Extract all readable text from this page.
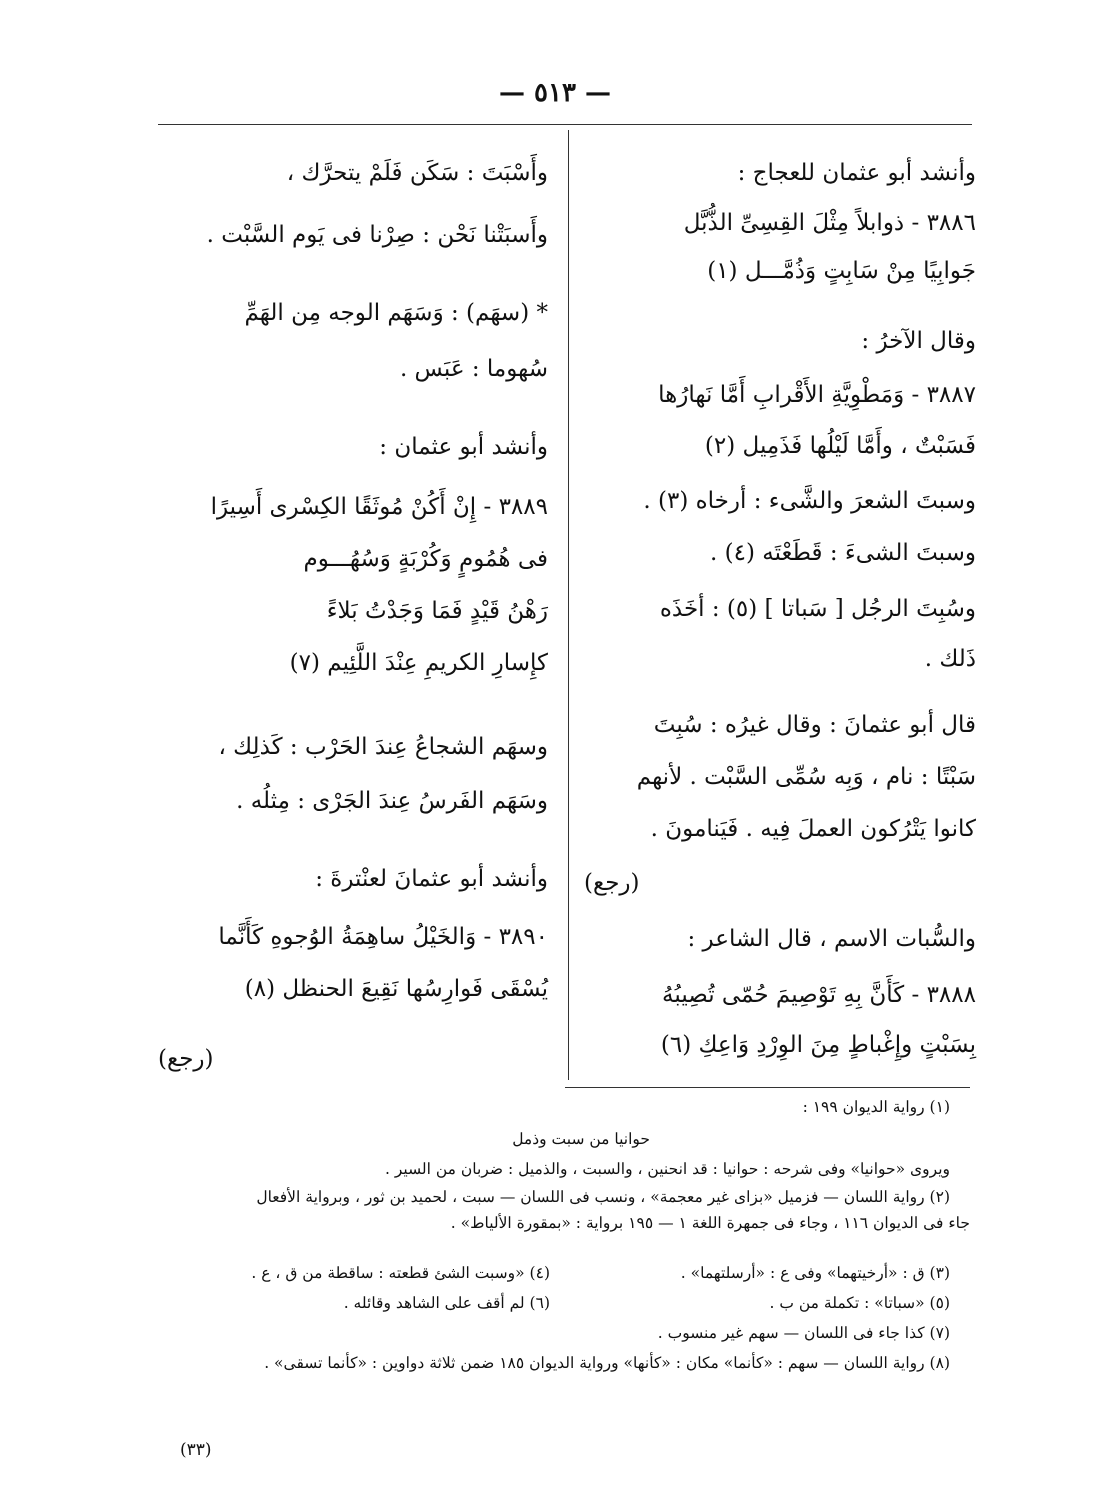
— ٥١٣ —
وأنشد أبو عثمان للعجاج :
٣٨٨٦ - ذوابلاً مِثْلَ القِسِىِّ الذُّبَّل
جَوابِيًا مِنْ سَابِتٍ وَذُمَّـــل (١)
وقال الآخرُ :
٣٨٨٧ - وَمَطْوِيَّةِ الأَقْرابِ أَمَّا نَهارُها
فَسَبْتٌ ، وأَمَّا لَيْلُها فَذَمِيل (٢)
وسبتَ الشعرَ والشَّىء : أرخاه (٣) .
وسبتَ الشىءَ : قَطَعْتَه (٤) .
وسُبِتَ الرجُل [ سَباتا ] (٥) : أخَذَه
ذَلك .
قال أبو عثمانَ : وقال غيرُه : سُبِتَ
سَبْتًا : نام ، وَبِه سُمِّى السَّبْت . لأنهم
كانوا يَتْرُكون العملَ فِيه . فَيَنامونَ .
(رجع)
والسُّبات الاسم ، قال الشاعر :
٣٨٨٨ - كَأَنَّ بِهِ تَوْصِيمَ حُمّى تُصِيبُهُ
بِسَبْتٍ وإِغْباطٍ مِنَ الوِرْدِ وَاعِكِ (٦)
وأَسْبَتَ : سَكَن فَلَمْ يتحرَّك ،
وأَسبَتْنا نَحْن : صِرْنا فى يَوم السَّبْت .
* (سهَم) : وَسَهَم الوجه مِن الهَمِّ
سُهوما : عَبَس .
وأنشد أبو عثمان :
٣٨٨٩ - إِنْ أَكُنْ مُوثَقًا الكِسْرى أَسِيرًا
فى هُمُومٍ وَكُرْبَةٍ وَسُهُـــوم
رَهْنُ قَيْدٍ فَمَا وَجَدْتُ بَلاءً
كإِسارِ الكريمِ عِنْدَ اللَّئِيم (٧)
وسهَم الشجاعُ عِندَ الحَرْب : كَذلِك ،
وسَهَم الفَرسُ عِندَ الجَرْى : مِثلُه .
وأنشد أبو عثمانَ لعنْترةَ :
٣٨٩٠ - وَالخَيْلُ ساهِمَةُ الوُجوهِ كَأَنَّما
يُسْقَى فَوارِسُها نَقِيعَ الحنظل (٨)
(رجع)
(١) رواية الديوان ١٩٩ :
حوانيا من سبت وذمل
ويروى «حوانيا» وفى شرحه : حوانيا : قد انحنين ، والسبت ، والذميل : ضربان من السير .
(٢) رواية اللسان — فزميل «بزاى غير معجمة» ، ونسب فى اللسان — سبت ، لحميد بن ثور ، وبرواية الأفعال
جاء فى الديوان ١١٦ ، وجاء فى جمهرة اللغة ١ — ١٩٥ برواية : «بمقورة الألياط» .
(٣) ق : «أرخيتهما» وفى ع : «أرسلتهما» .
(٤) «وسبت الشئ قطعته : ساقطة من ق ، ع .
(٥) «سباتا» : تكملة من ب .
(٦) لم أقف على الشاهد وقائله .
(٧) كذا جاء فى اللسان — سهم غير منسوب .
(٨) رواية اللسان — سهم : «كأنما» مكان : «كأنها» ورواية الديوان ١٨٥ ضمن ثلاثة دواوين : «كأنما تسقى» .
(٣٣)
